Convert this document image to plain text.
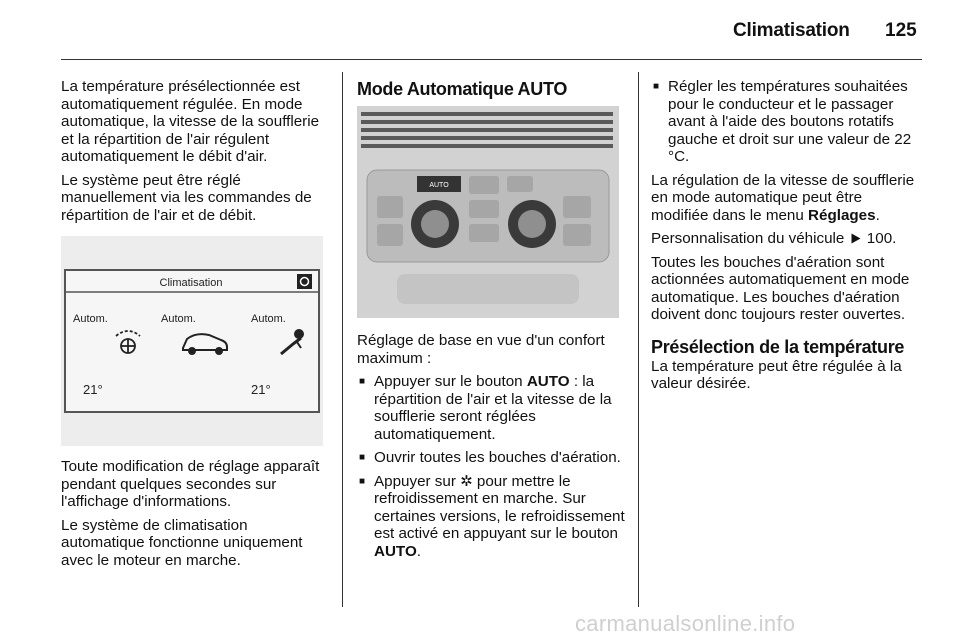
Climatisation 125

La température présélectionnée est automatiquement régulée. En mode automatique, la vitesse de la soufflerie et la répartition de l'air régulent automatiquement le débit d'air.

Le système peut être réglé manuellement via les commandes de répartition de l'air et de débit.

Climatisation
Autom.	Autom.	Autom.
21°	21°

Toute modification de réglage apparaît pendant quelques secondes sur l'affichage d'informations.

Le système de climatisation automatique fonctionne uniquement avec le moteur en marche.

Mode Automatique AUTO
AUTO

Réglage de base en vue d'un confort maximum :

■ Appuyer sur le bouton AUTO : la répartition de l'air et la vitesse de la soufflerie seront réglées automatiquement.
■ Ouvrir toutes les bouches d'aération.
■ Appuyer sur ✲ pour mettre le refroidissement en marche. Sur certaines versions, le refroidissement est activé en appuyant sur le bouton AUTO.
■ Régler les températures souhaitées pour le conducteur et le passager avant à l'aide des boutons rotatifs gauche et droit sur une valeur de 22 °C.

La régulation de la vitesse de soufflerie en mode automatique peut être modifiée dans le menu Réglages.

Personnalisation du véhicule  100.

Toutes les bouches d'aération sont actionnées automatiquement en mode automatique. Les bouches d'aération doivent donc toujours rester ouvertes.

Présélection de la température

La température peut être régulée à la valeur désirée.

carmanualsonline.info
